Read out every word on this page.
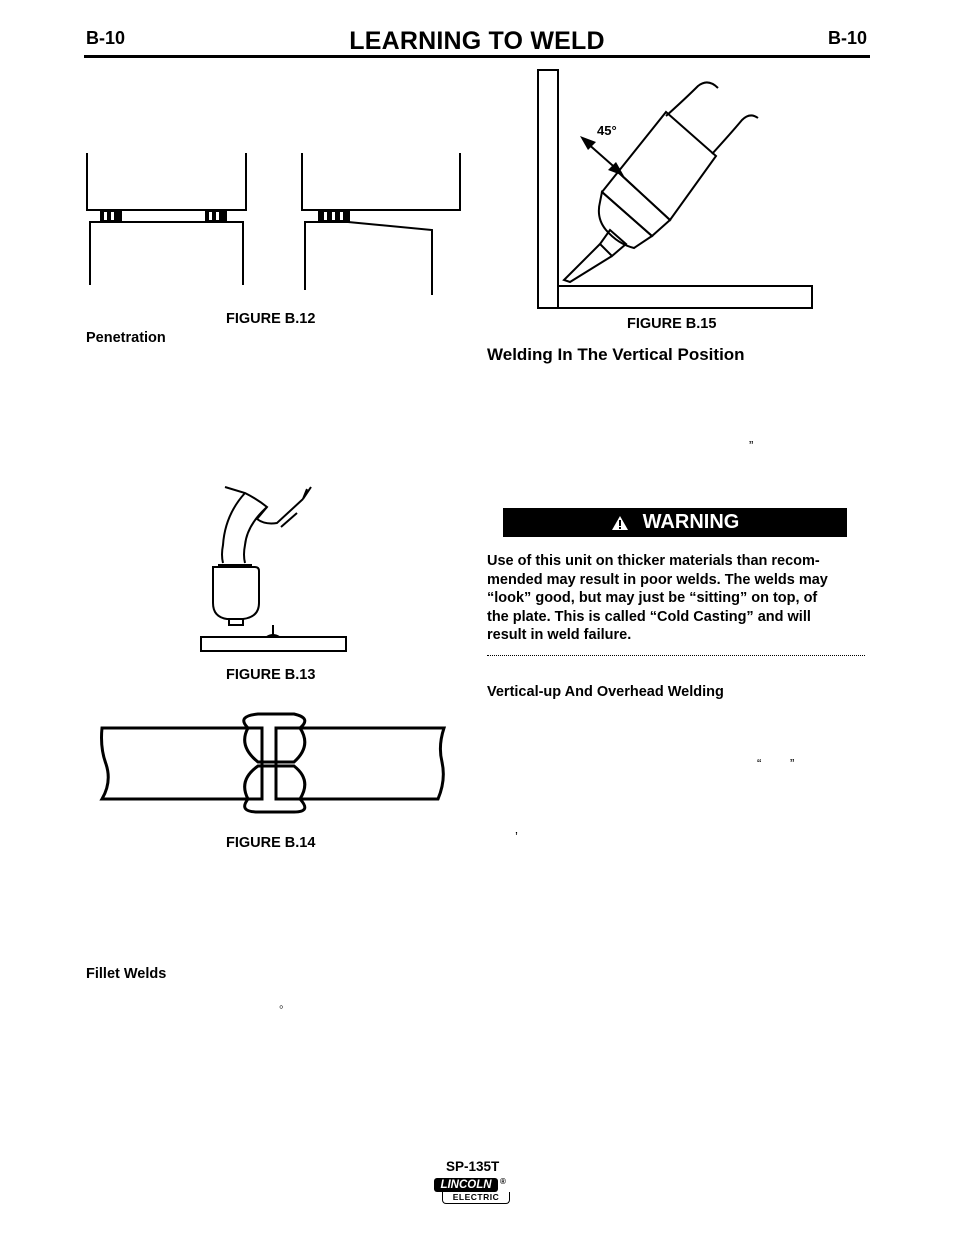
B-10	LEARNING TO WELD	B-10
FIGURE B.12
Penetration
FIGURE B.13
FIGURE B.14
Fillet Welds
◦
45°
FIGURE B.15
Welding In The Vertical Position
”
WARNING
Use of this unit on thicker materials than recom-
mended may result in poor welds. The welds may
“look” good, but may just be “sitting” on top, of
the plate. This is called “Cold Casting” and will
result in weld failure.
Vertical-up And Overhead Welding
“ ”
’
SP-135T
LINCOLN	®
ELECTRIC
